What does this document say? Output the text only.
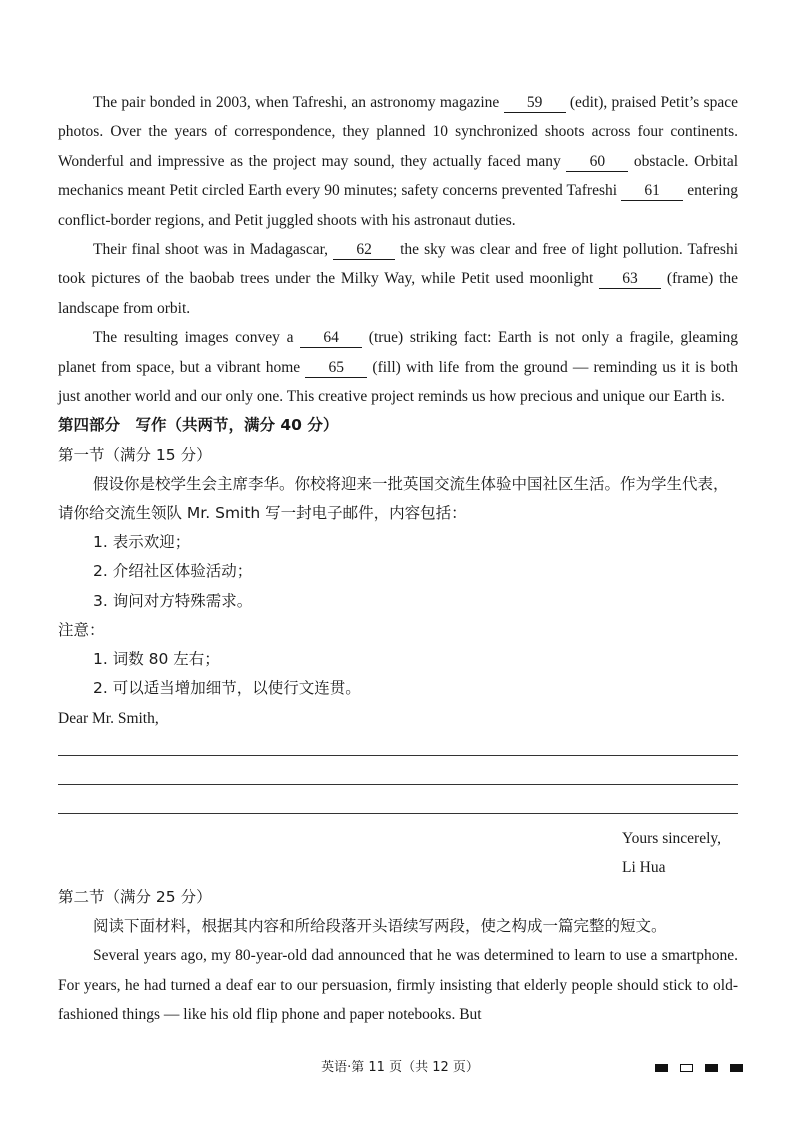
The pair bonded in 2003, when Tafreshi, an astronomy magazine 59 (edit), praised Petit’s space photos. Over the years of correspondence, they planned 10 synchronized shoots across four continents. Wonderful and impressive as the project may sound, they actually faced many 60 obstacle. Orbital mechanics meant Petit circled Earth every 90 minutes; safety concerns prevented Tafreshi 61 entering conflict-border regions, and Petit juggled shoots with his astronaut duties.

Their final shoot was in Madagascar, 62 the sky was clear and free of light pollution. Tafreshi took pictures of the baobab trees under the Milky Way, while Petit used moonlight 63 (frame) the landscape from orbit.

The resulting images convey a 64 (true) striking fact: Earth is not only a fragile, gleaming planet from space, but a vibrant home 65 (fill) with life from the ground — reminding us it is both just another world and our only one. This creative project reminds us how precious and unique our Earth is.

第四部分　写作（共两节，满分 40 分）

第一节（满分 15 分）

假设你是校学生会主席李华。你校将迎来一批英国交流生体验中国社区生活。作为学生代表，请你给交流生领队 Mr. Smith 写一封电子邮件，内容包括：

1. 表示欢迎；

2. 介绍社区体验活动；

3. 询问对方特殊需求。

注意：

1. 词数 80 左右；

2. 可以适当增加细节，以使行文连贯。

Dear Mr. Smith,

Yours sincerely,

Li Hua

第二节（满分 25 分）

阅读下面材料，根据其内容和所给段落开头语续写两段，使之构成一篇完整的短文。

Several years ago, my 80-year-old dad announced that he was determined to learn to use a smartphone. For years, he had turned a deaf ear to our persuasion, firmly insisting that elderly people should stick to old-fashioned things — like his old flip phone and paper notebooks. But

英语·第 11 页（共 12 页）
